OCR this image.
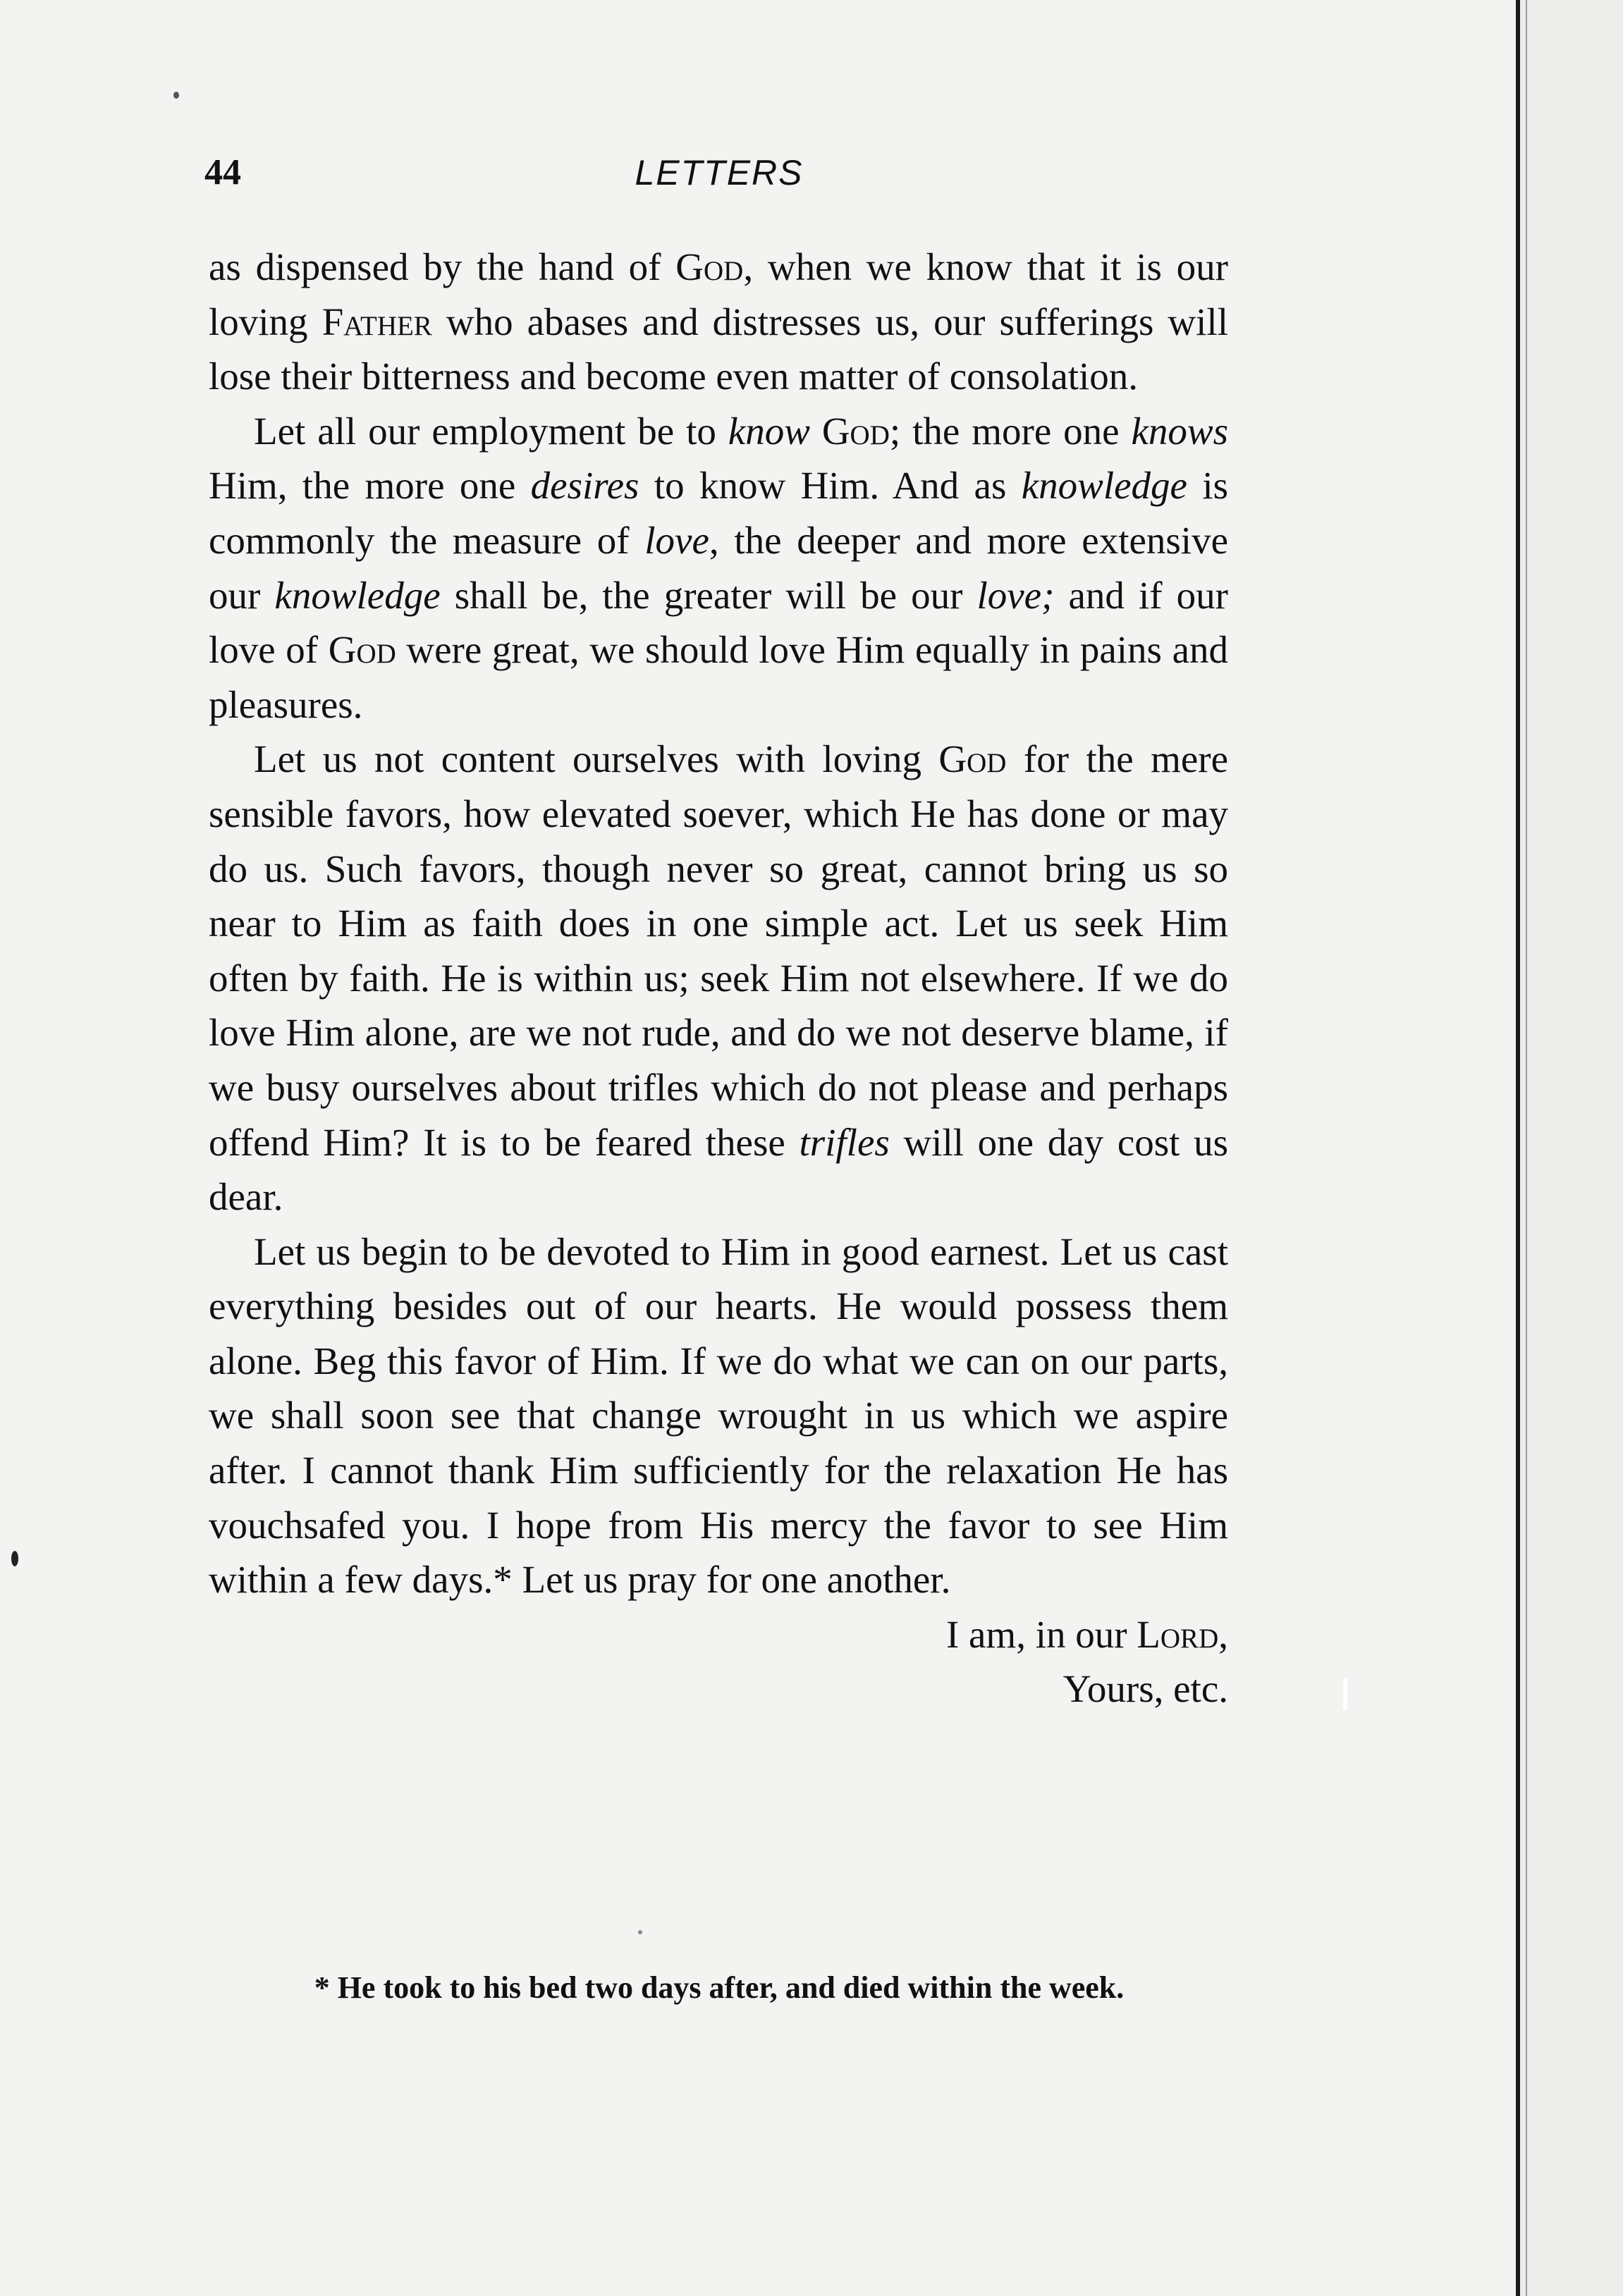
44	LETTERS

as dispensed by the hand of God, when we know that it is our loving Father who abases and distresses us, our sufferings will lose their bitterness and become even matter of consolation.

Let all our employment be to know God; the more one knows Him, the more one desires to know Him. And as knowledge is commonly the measure of love, the deeper and more extensive our knowledge shall be, the greater will be our love; and if our love of God were great, we should love Him equally in pains and pleasures.

Let us not content ourselves with loving God for the mere sensible favors, how elevated soever, which He has done or may do us. Such favors, though never so great, cannot bring us so near to Him as faith does in one simple act. Let us seek Him often by faith. He is within us; seek Him not elsewhere. If we do love Him alone, are we not rude, and do we not deserve blame, if we busy ourselves about trifles which do not please and perhaps offend Him? It is to be feared these trifles will one day cost us dear.

Let us begin to be devoted to Him in good earnest. Let us cast everything besides out of our hearts. He would possess them alone. Beg this favor of Him. If we do what we can on our parts, we shall soon see that change wrought in us which we aspire after. I cannot thank Him sufficiently for the relaxation He has vouchsafed you. I hope from His mercy the favor to see Him within a few days.* Let us pray for one another.

I am, in our Lord,

Yours, etc.

* He took to his bed two days after, and died within the week.
